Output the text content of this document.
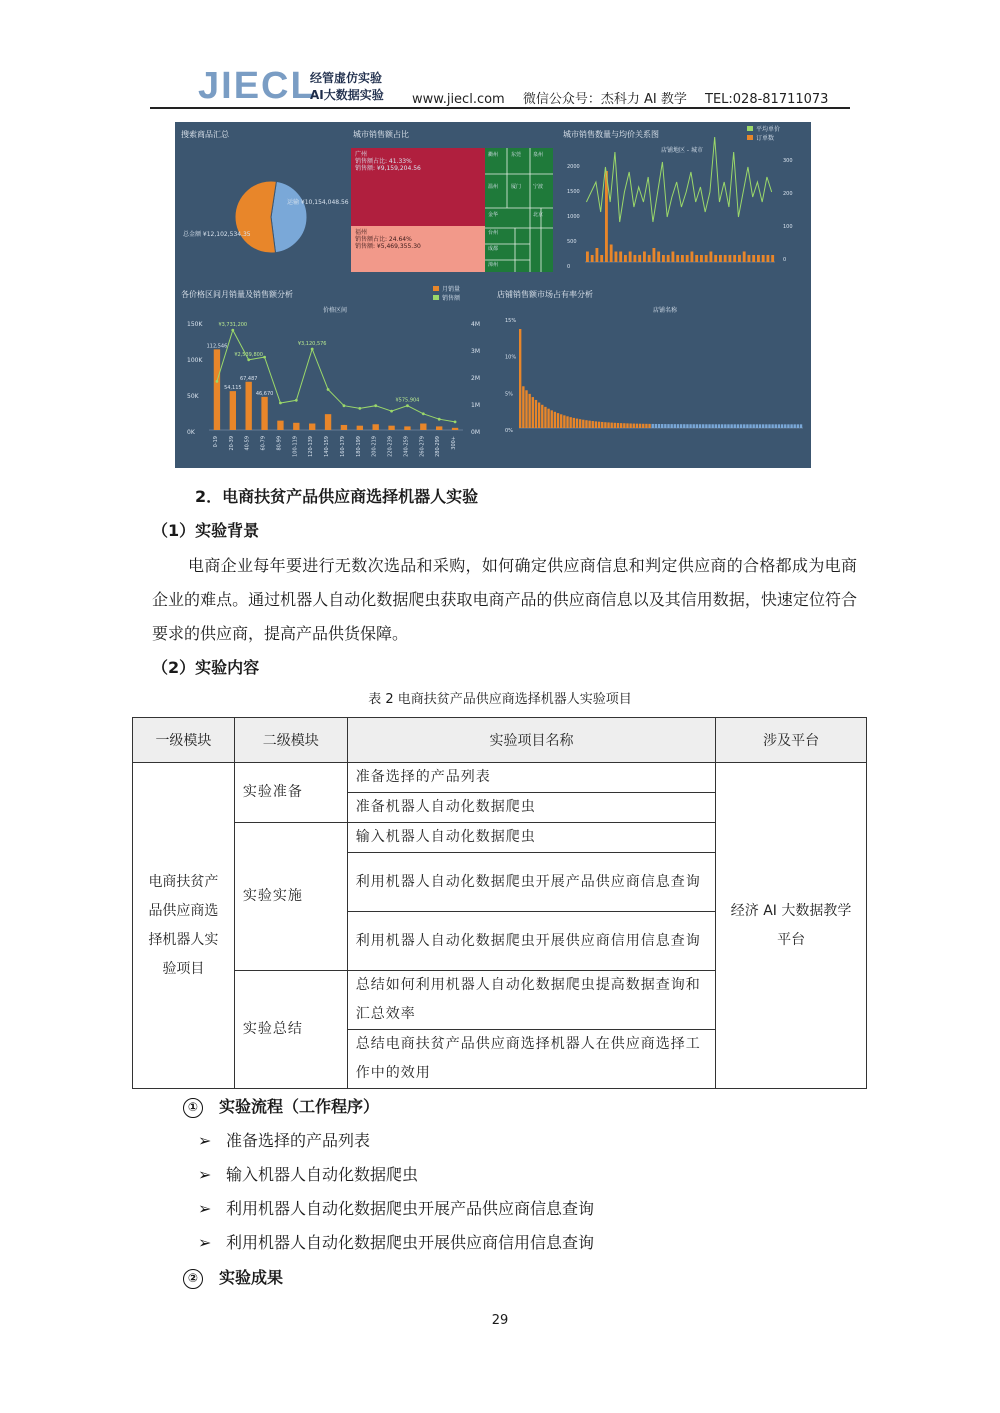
JIECL
经管虚仿实验
AI大数据实验 www.jiecl.com 微信公众号：杰科力 AI 教学 TEL:028-81711073
搜索商品汇总	城市销售额占比	城市销售数量与均价关系图
各价格区间月销量及销售额分析	店铺销售额市场占有率分析
运输 ¥10,154,048.56
总金额 ¥12,102,534.35
广州
销售额占比: 41.33%
销售额: ¥9,159,204.56
福州
销售额占比: 24.64%
销售额: ¥5,469,355.30
衢州	东莞 泉州
温州	厦门 宁波
金华	北京
台州
成都
漳州
月销量
销售额
平均单价
订单数
店铺地区 - 城市
2000
1500
1000
500
0
300
200
100
0
价格区间
150K
100K
50K
0K
4M
3M
2M
1M
0M
112,546
0-19
54,115
20-39
67,487
40-59
46,670
60-79 80-99 100-119 120-139 140-159 160-179 180-199 200-219 220-239 240-259 260-279 280-299 300+
¥3,731,200
¥2,539,800
¥3,120,576
¥575,904
店铺名称
15%
10%
5%
0%
2．电商扶贫产品供应商选择机器人实验
（1）实验背景
电商企业每年要进行无数次选品和采购，如何确定供应商信息和判定供应商的合格都成为电商企业的难点。通过机器人自动化数据爬虫获取电商产品的供应商信息以及其信用数据，快速定位符合要求的供应商，提高产品供货保障。
（2）实验内容
表 2 电商扶贫产品供应商选择机器人实验项目
一级模块	二级模块	实验项目名称	涉及平台
电商扶贫产品供应商选择机器人实验项目	实验准备	准备选择的产品列表	经济 AI 大数据教学平台
		准备机器人自动化数据爬虫	
	实验实施	输入机器人自动化数据爬虫	
		利用机器人自动化数据爬虫开展产品供应商信息查询	
		利用机器人自动化数据爬虫开展供应商信用信息查询	
	实验总结	总结如何利用机器人自动化数据爬虫提高数据查询和汇总效率	
		总结电商扶贫产品供应商选择机器人在供应商选择工作中的效用	
① 实验流程（工作程序）
➢ 准备选择的产品列表
➢ 输入机器人自动化数据爬虫
➢ 利用机器人自动化数据爬虫开展产品供应商信息查询
➢ 利用机器人自动化数据爬虫开展供应商信用信息查询
② 实验成果
29
